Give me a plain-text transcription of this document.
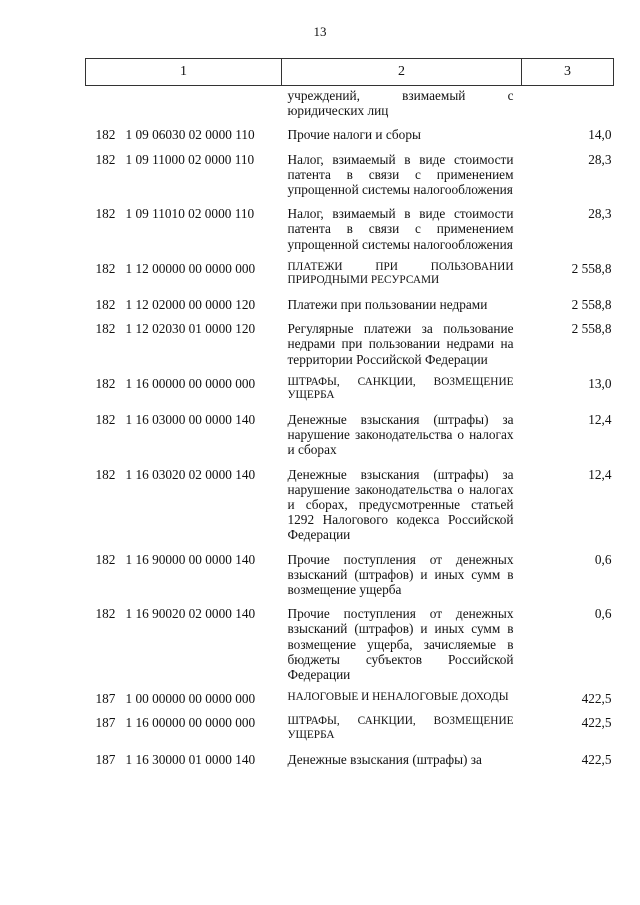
13
1	2	3
	учреждений, взимаемый с юридических лиц	
182 1 09 06030 02 0000 110	Прочие налоги и сборы	14,0
182 1 09 11000 02 0000 110	Налог, взимаемый в виде стоимости патента в связи с применением упрощенной системы налогообложения	28,3
182 1 09 11010 02 0000 110	Налог, взимаемый в виде стоимости патента в связи с применением упрощенной системы налогообложения	28,3
182 1 12 00000 00 0000 000	ПЛАТЕЖИ ПРИ ПОЛЬЗОВАНИИ ПРИРОДНЫМИ РЕСУРСАМИ	2 558,8
182 1 12 02000 00 0000 120	Платежи при пользовании недрами	2 558,8
182 1 12 02030 01 0000 120	Регулярные платежи за пользование недрами при пользовании недрами на территории Российской Федерации	2 558,8
182 1 16 00000 00 0000 000	ШТРАФЫ, САНКЦИИ, ВОЗМЕЩЕНИЕ УЩЕРБА	13,0
182 1 16 03000 00 0000 140	Денежные взыскания (штрафы) за нарушение законодательства о налогах и сборах	12,4
182 1 16 03020 02 0000 140	Денежные взыскания (штрафы) за нарушение законодательства о налогах и сборах, предусмотренные статьей 1292 Налогового кодекса Российской Федерации	12,4
182 1 16 90000 00 0000 140	Прочие поступления от денежных взысканий (штрафов) и иных сумм в возмещение ущерба	0,6
182 1 16 90020 02 0000 140	Прочие поступления от денежных взысканий (штрафов) и иных сумм в возмещение ущерба, зачисляемые в бюджеты субъектов Российской Федерации	0,6
187 1 00 00000 00 0000 000	НАЛОГОВЫЕ И НЕНАЛОГОВЫЕ ДОХОДЫ	422,5
187 1 16 00000 00 0000 000	ШТРАФЫ, САНКЦИИ, ВОЗМЕЩЕНИЕ УЩЕРБА	422,5
187 1 16 30000 01 0000 140	Денежные взыскания (штрафы) за	422,5
